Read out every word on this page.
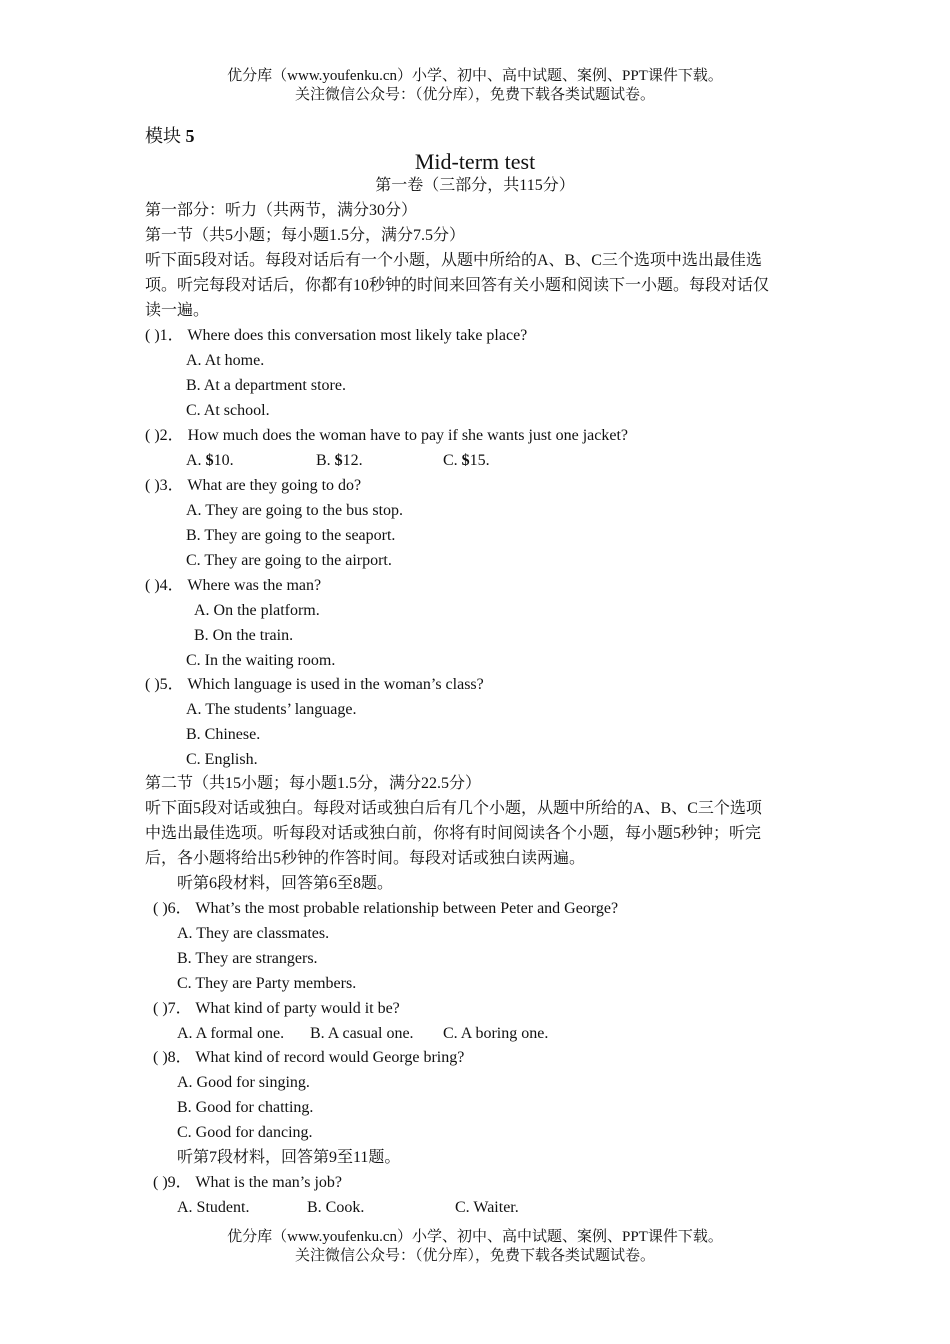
优分库（www.youfenku.cn）小学、初中、高中试题、案例、PPT课件下载。
关注微信公众号：（优分库），免费下载各类试题试卷。
模块 5
Mid-term test
第一卷（三部分，共115分）
第一部分：听力（共两节，满分30分）
第一节（共5小题；每小题1.5分，满分7.5分）
听下面5段对话。每段对话后有一个小题，从题中所给的A、B、C三个选项中选出最佳选
项。听完每段对话后，你都有10秒钟的时间来回答有关小题和阅读下一小题。每段对话仅
读一遍。
( )1． Where does this conversation most likely take place?
A. At home.
B. At a department store.
C. At school.
( )2． How much does the woman have to pay if she wants just one jacket?
A. $10.	B. $12.	C. $15.
( )3． What are they going to do?
A. They are going to the bus stop.
B. They are going to the seaport.
C. They are going to the airport.
( )4． Where was the man?
A. On the platform.
B. On the train.
C. In the waiting room.
( )5． Which language is used in the woman’s class?
A. The students’ language.
B. Chinese.
C. English.
第二节（共15小题；每小题1.5分，满分22.5分）
听下面5段对话或独白。每段对话或独白后有几个小题，从题中所给的A、B、C三个选项
中选出最佳选项。听每段对话或独白前，你将有时间阅读各个小题，每小题5秒钟；听完
后，各小题将给出5秒钟的作答时间。每段对话或独白读两遍。
听第6段材料，回答第6至8题。
( )6． What’s the most probable relationship between Peter and George?
A. They are classmates.
B. They are strangers.
C. They are Party members.
( )7． What kind of party would it be?
A. A formal one. B. A casual one. C. A boring one.
( )8． What kind of record would George bring?
A. Good for singing.
B. Good for chatting.
C. Good for dancing.
听第7段材料，回答第9至11题。
( )9． What is the man’s job?
A. Student.	B. Cook.	C. Waiter.
优分库（www.youfenku.cn）小学、初中、高中试题、案例、PPT课件下载。
关注微信公众号：（优分库），免费下载各类试题试卷。
